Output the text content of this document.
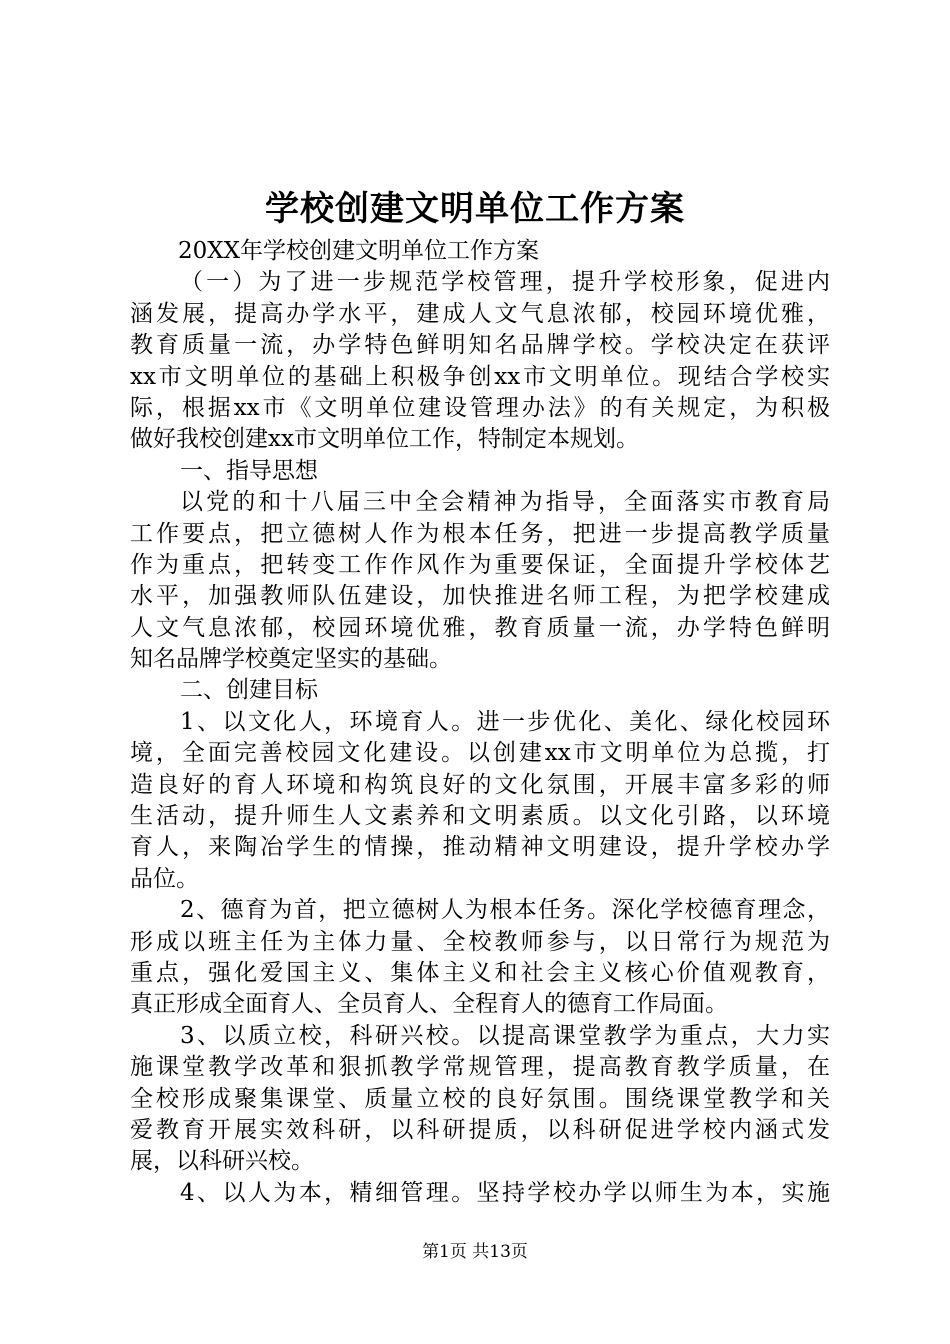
学校创建文明单位工作方案
20XX年学校创建文明单位工作方案
（一）为了进一步规范学校管理，提升学校形象，促进内
涵发展，提高办学水平，建成人文气息浓郁，校园环境优雅，
教育质量一流，办学特色鲜明知名品牌学校。学校决定在获评
xx市文明单位的基础上积极争创xx市文明单位。现结合学校实
际，根据xx市《文明单位建设管理办法》的有关规定，为积极
做好我校创建xx市文明单位工作，特制定本规划。
一、指导思想
以党的和十八届三中全会精神为指导，全面落实市教育局
工作要点，把立德树人作为根本任务，把进一步提高教学质量
作为重点，把转变工作作风作为重要保证，全面提升学校体艺
水平，加强教师队伍建设，加快推进名师工程，为把学校建成
人文气息浓郁，校园环境优雅，教育质量一流，办学特色鲜明
知名品牌学校奠定坚实的基础。
二、创建目标
1、以文化人，环境育人。进一步优化、美化、绿化校园环
境，全面完善校园文化建设。以创建xx市文明单位为总揽，打
造良好的育人环境和构筑良好的文化氛围，开展丰富多彩的师
生活动，提升师生人文素养和文明素质。以文化引路，以环境
育人，来陶冶学生的情操，推动精神文明建设，提升学校办学
品位。
2、德育为首，把立德树人为根本任务。深化学校德育理念，
形成以班主任为主体力量、全校教师参与，以日常行为规范为
重点，强化爱国主义、集体主义和社会主义核心价值观教育，
真正形成全面育人、全员育人、全程育人的德育工作局面。
3、以质立校，科研兴校。以提高课堂教学为重点，大力实
施课堂教学改革和狠抓教学常规管理，提高教育教学质量，在
全校形成聚集课堂、质量立校的良好氛围。围绕课堂教学和关
爱教育开展实效科研，以科研提质，以科研促进学校内涵式发
展，以科研兴校。
4、以人为本，精细管理。坚持学校办学以师生为本，实施
第1页 共13页
